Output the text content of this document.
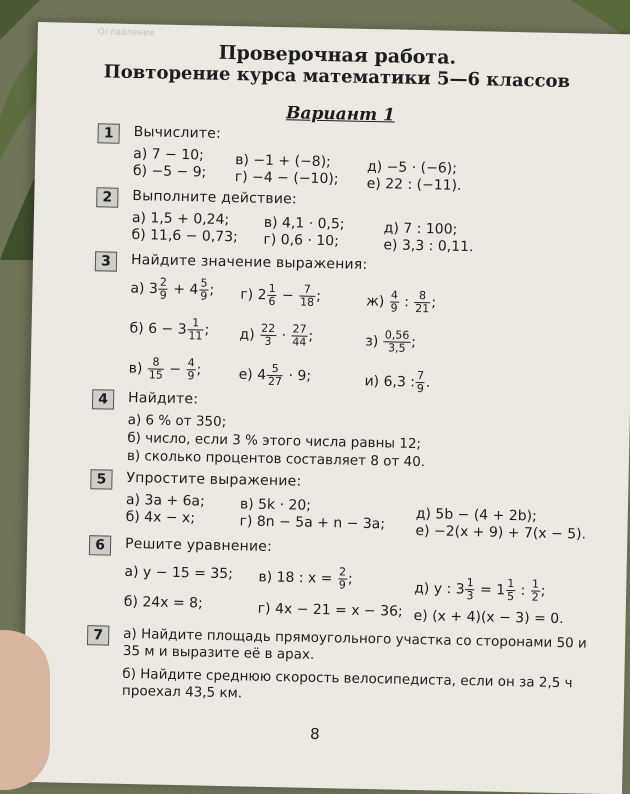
Оглавление
Проверочная работа.
Повторение курса математики 5—6 классов
Вариант 1
1	Вычислите:
а) 7 − 10;
б) −5 − 9;
в) −1 + (−8);
г) −4 − (−10);
д) −5 · (−6);
е) 22 : (−11).
2	Выполните действие:
а) 1,5 + 0,24;
б) 11,6 − 0,73;
в) 4,1 · 0,5;
г) 0,6 · 10;
д) 7 : 100;
е) 3,3 : 0,11.
3	Найдите значение выражения:
а) $3 \frac{2}{9} + 4 \frac{5}{9}$ ; г) $2 \frac{1}{6} - \frac{7}{18}$ ;	$ж) \frac{4}{9}$ : $\frac{8}{21}$ ;
б) $6 - 3 \frac{1}{11}$ ; $д) \frac{22}{3} \cdot \frac{27}{44}$ ;	$з) \frac{0,56}{3,5}$ ;
$в) \frac{8}{15} - \frac{4}{9}$ ;	е) $4 \frac{5}{27} \cdot 9$;	и) 6,3 : $\frac{7}{9}$ .
4	Найдите:
а) 6 % от 350;
б) число, если 3 % этого числа равны 12;
в) сколько процентов составляет 8 от 40.
5	Упростите выражение:
а) 3a + 6a;
б) 4x − x;
в) 5k · 20;
г) 8n − 5a + n − 3a; д) 5b − (4 + 2b);
е) −2(x + 9) + 7(x − 5).
6	Решите уравнение:
а) y − 15 = 35;
б) 24x = 8;
в) 18 : $x = \frac{2}{9}$ ;
г) 4x − 21 = x − 36;
д) y : $3 \frac{1}{3} = 1 \frac{1}{5}$ : $\frac{1}{2}$ ;
е) (x + 4)(x − 3) = 0.
7	а) Найдите площадь прямоугольного участка со сторонами 50 и 35 м и выразите её в арах.
б) Найдите среднюю скорость велосипедиста, если он за 2,5 ч проехал 43,5 км.
8
